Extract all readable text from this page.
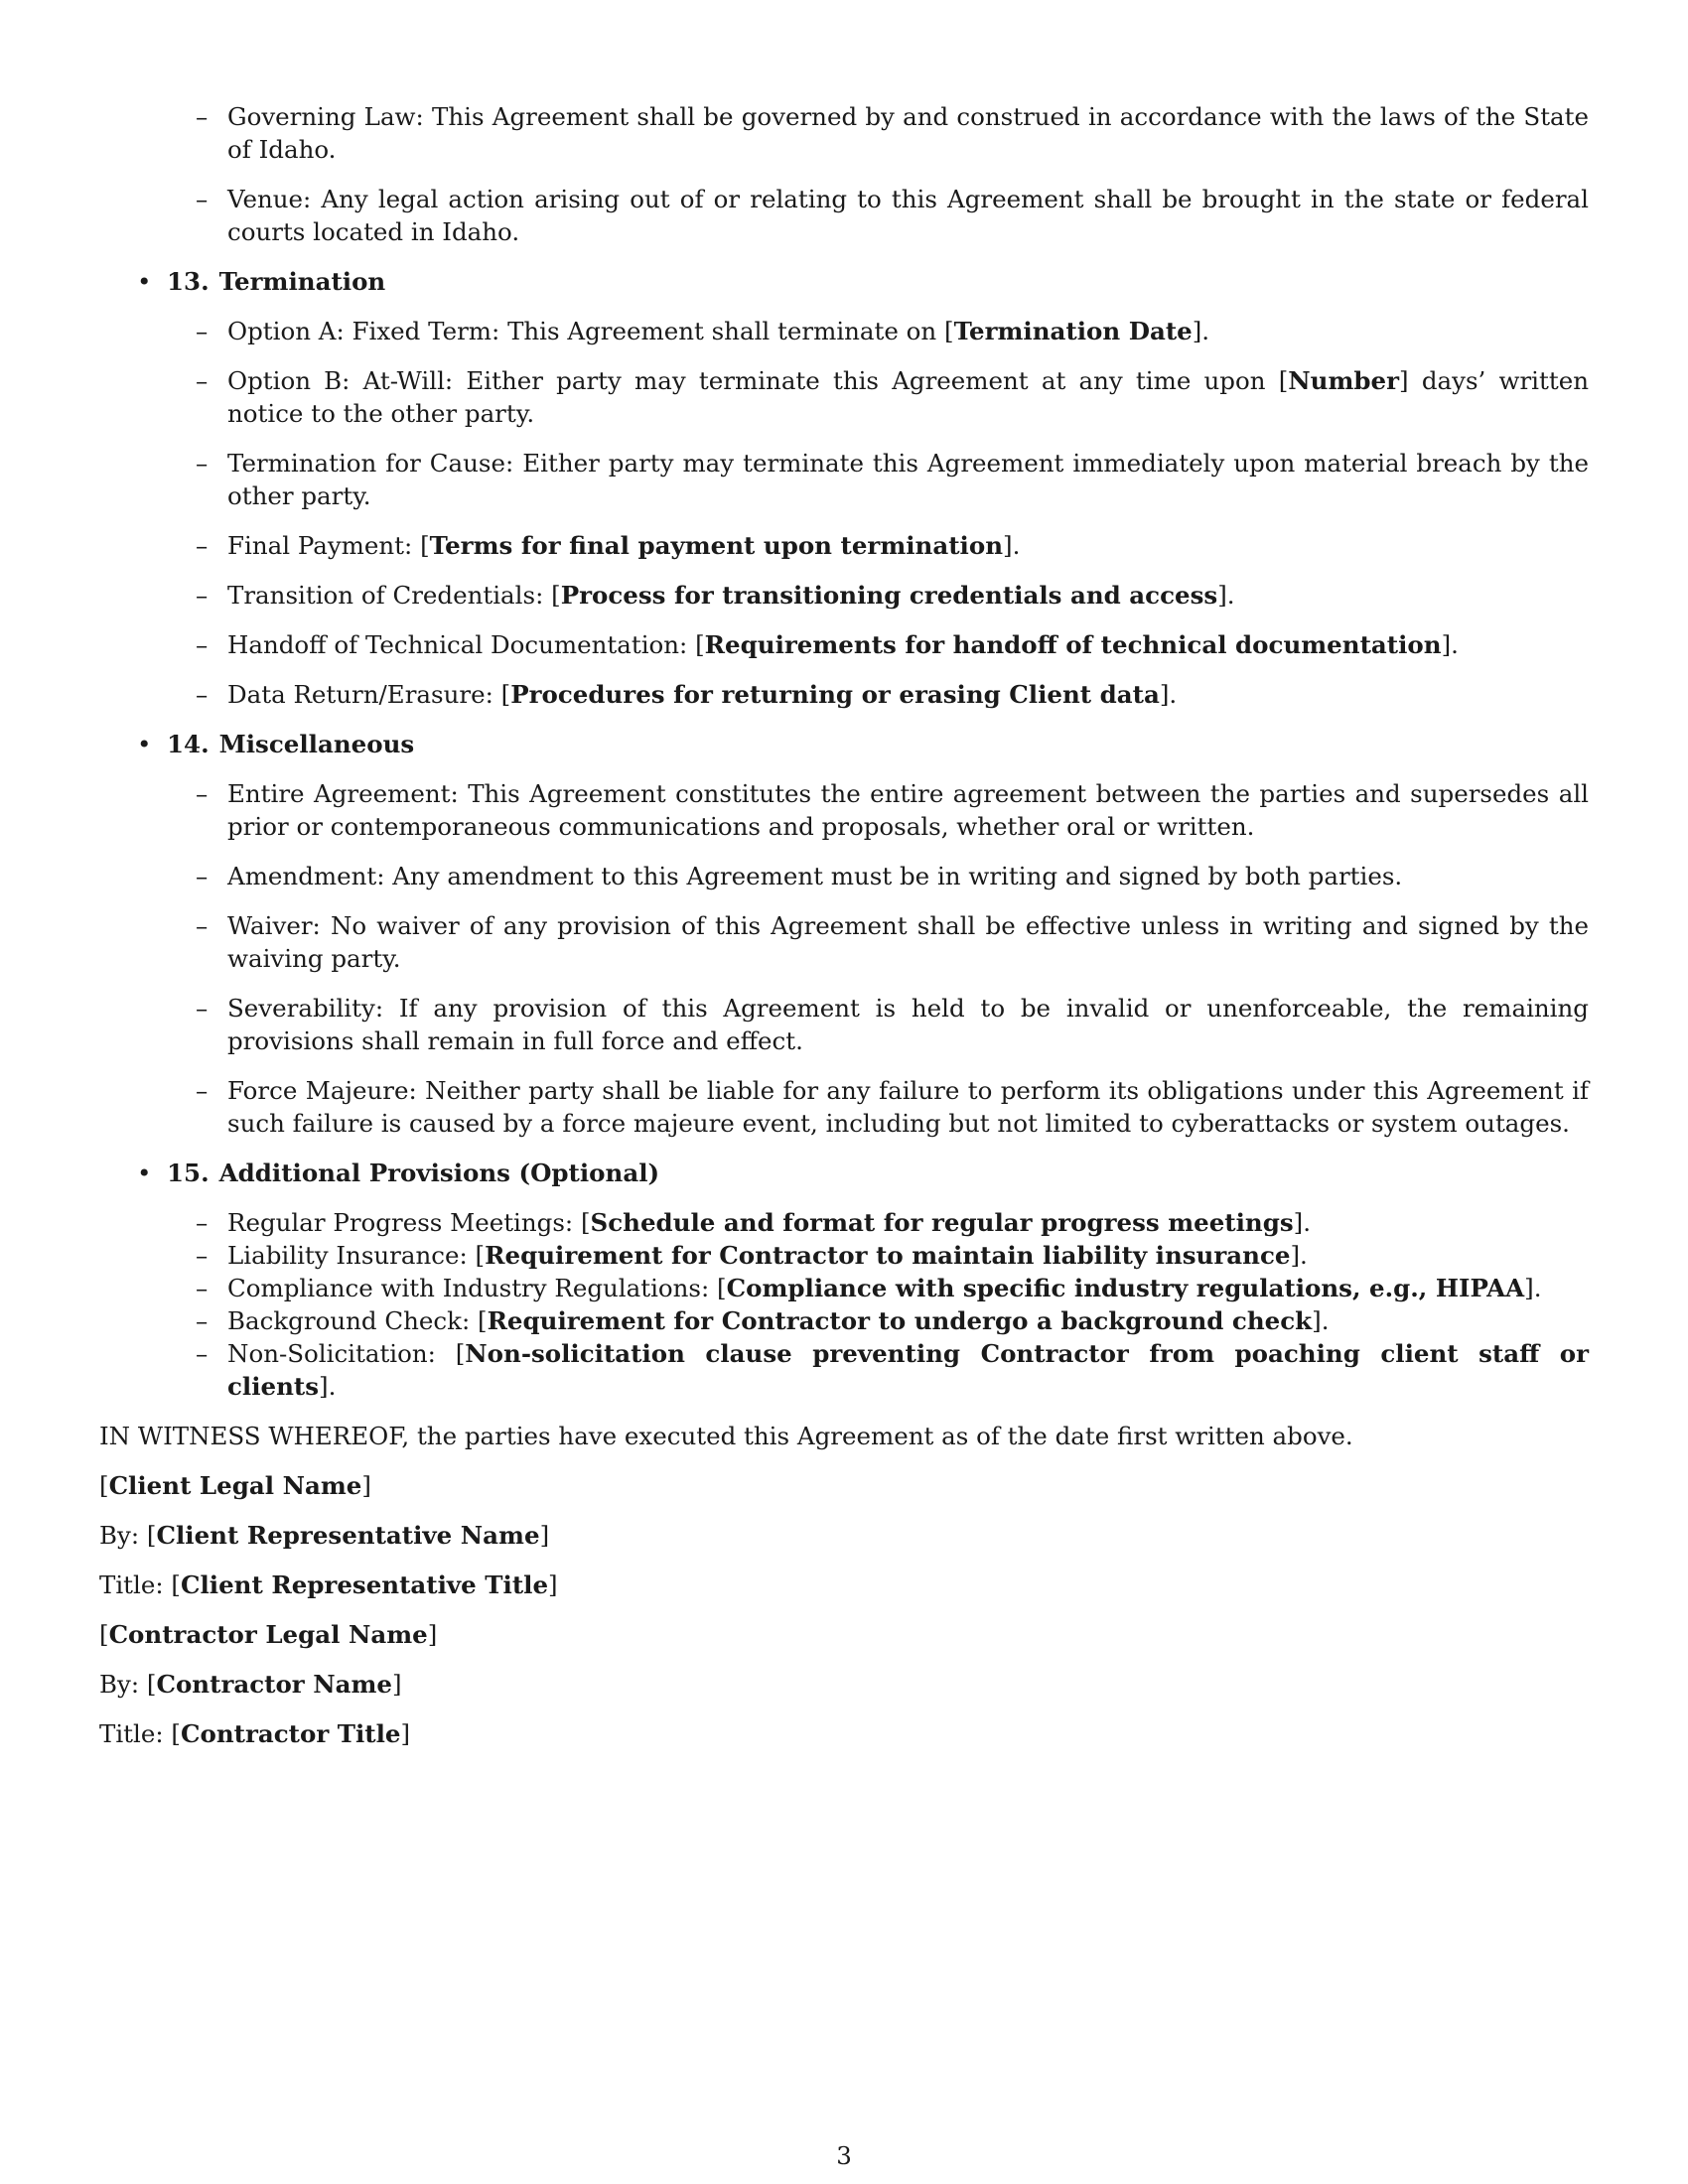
– Governing Law: This Agreement shall be governed by and construed in accordance with the laws of the State of Idaho.
– Venue: Any legal action arising out of or relating to this Agreement shall be brought in the state or federal courts located in Idaho.
• 13. Termination
– Option A: Fixed Term: This Agreement shall terminate on [Termination Date].
– Option B: At-Will: Either party may terminate this Agreement at any time upon [Number] days’ written notice to the other party.
– Termination for Cause: Either party may terminate this Agreement immediately upon material breach by the other party.
– Final Payment: [Terms for final payment upon termination].
– Transition of Credentials: [Process for transitioning credentials and access].
– Handoff of Technical Documentation: [Requirements for handoff of technical documentation].
– Data Return/Erasure: [Procedures for returning or erasing Client data].
• 14. Miscellaneous
– Entire Agreement: This Agreement constitutes the entire agreement between the parties and supersedes all prior or contemporaneous communications and proposals, whether oral or written.
– Amendment: Any amendment to this Agreement must be in writing and signed by both parties.
– Waiver: No waiver of any provision of this Agreement shall be effective unless in writing and signed by the waiving party.
– Severability: If any provision of this Agreement is held to be invalid or unenforceable, the remaining provisions shall remain in full force and effect.
– Force Majeure: Neither party shall be liable for any failure to perform its obligations under this Agreement if such failure is caused by a force majeure event, including but not limited to cyberattacks or system outages.
• 15. Additional Provisions (Optional)
– Regular Progress Meetings: [Schedule and format for regular progress meetings].
– Liability Insurance: [Requirement for Contractor to maintain liability insurance].
– Compliance with Industry Regulations: [Compliance with specific industry regulations, e.g., HIPAA].
– Background Check: [Requirement for Contractor to undergo a background check].
– Non-Solicitation: [Non-solicitation clause preventing Contractor from poaching client staff or clients].

IN WITNESS WHEREOF, the parties have executed this Agreement as of the date first written above.

[Client Legal Name]

By: [Client Representative Name]

Title: [Client Representative Title]

[Contractor Legal Name]

By: [Contractor Name]

Title: [Contractor Title]

3
